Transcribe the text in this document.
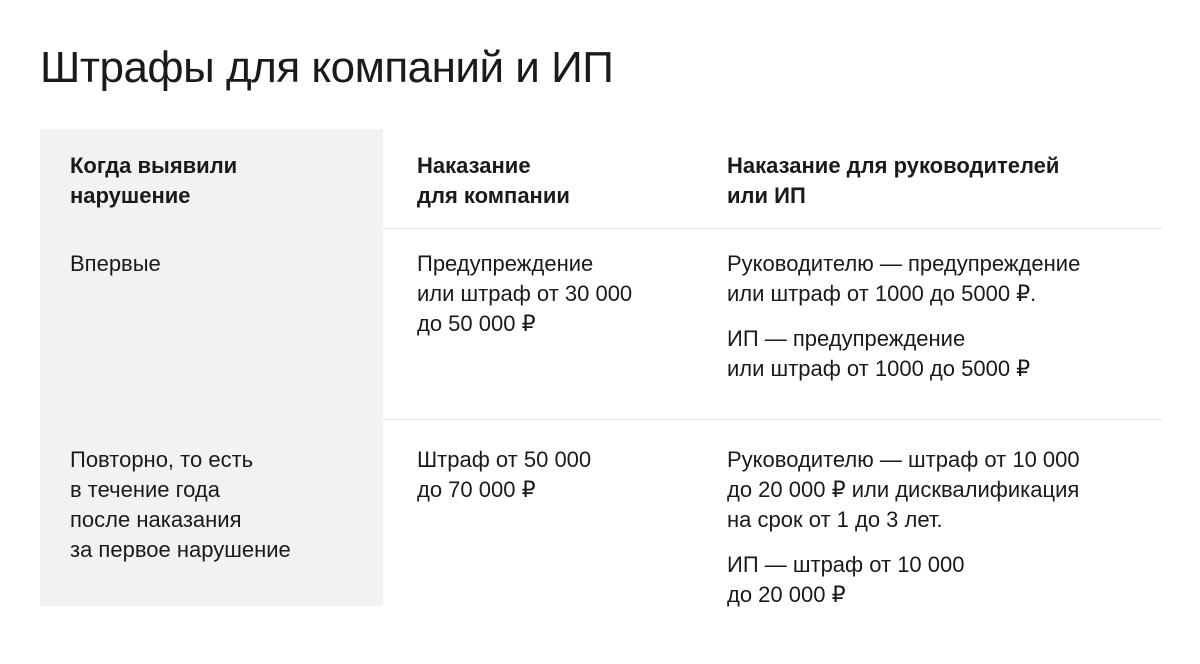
Штрафы для компаний и ИП

Когда выявили
нарушение

Наказание
для компании

Наказание для руководителей
или ИП

Впервые	Предупреждение
или штраф от 30 000
до 50 000 ₽

Руководителю — предупреждение
или штраф от 1000 до 5000 ₽.

ИП — предупреждение
или штраф от 1000 до 5000 ₽

Повторно, то есть
в течение года
после наказания
за первое нарушение

Штраф от 50 000
до 70 000 ₽

Руководителю — штраф от 10 000
до 20 000 ₽ или дисквалификация
на срок от 1 до 3 лет.

ИП — штраф от 10 000
до 20 000 ₽
